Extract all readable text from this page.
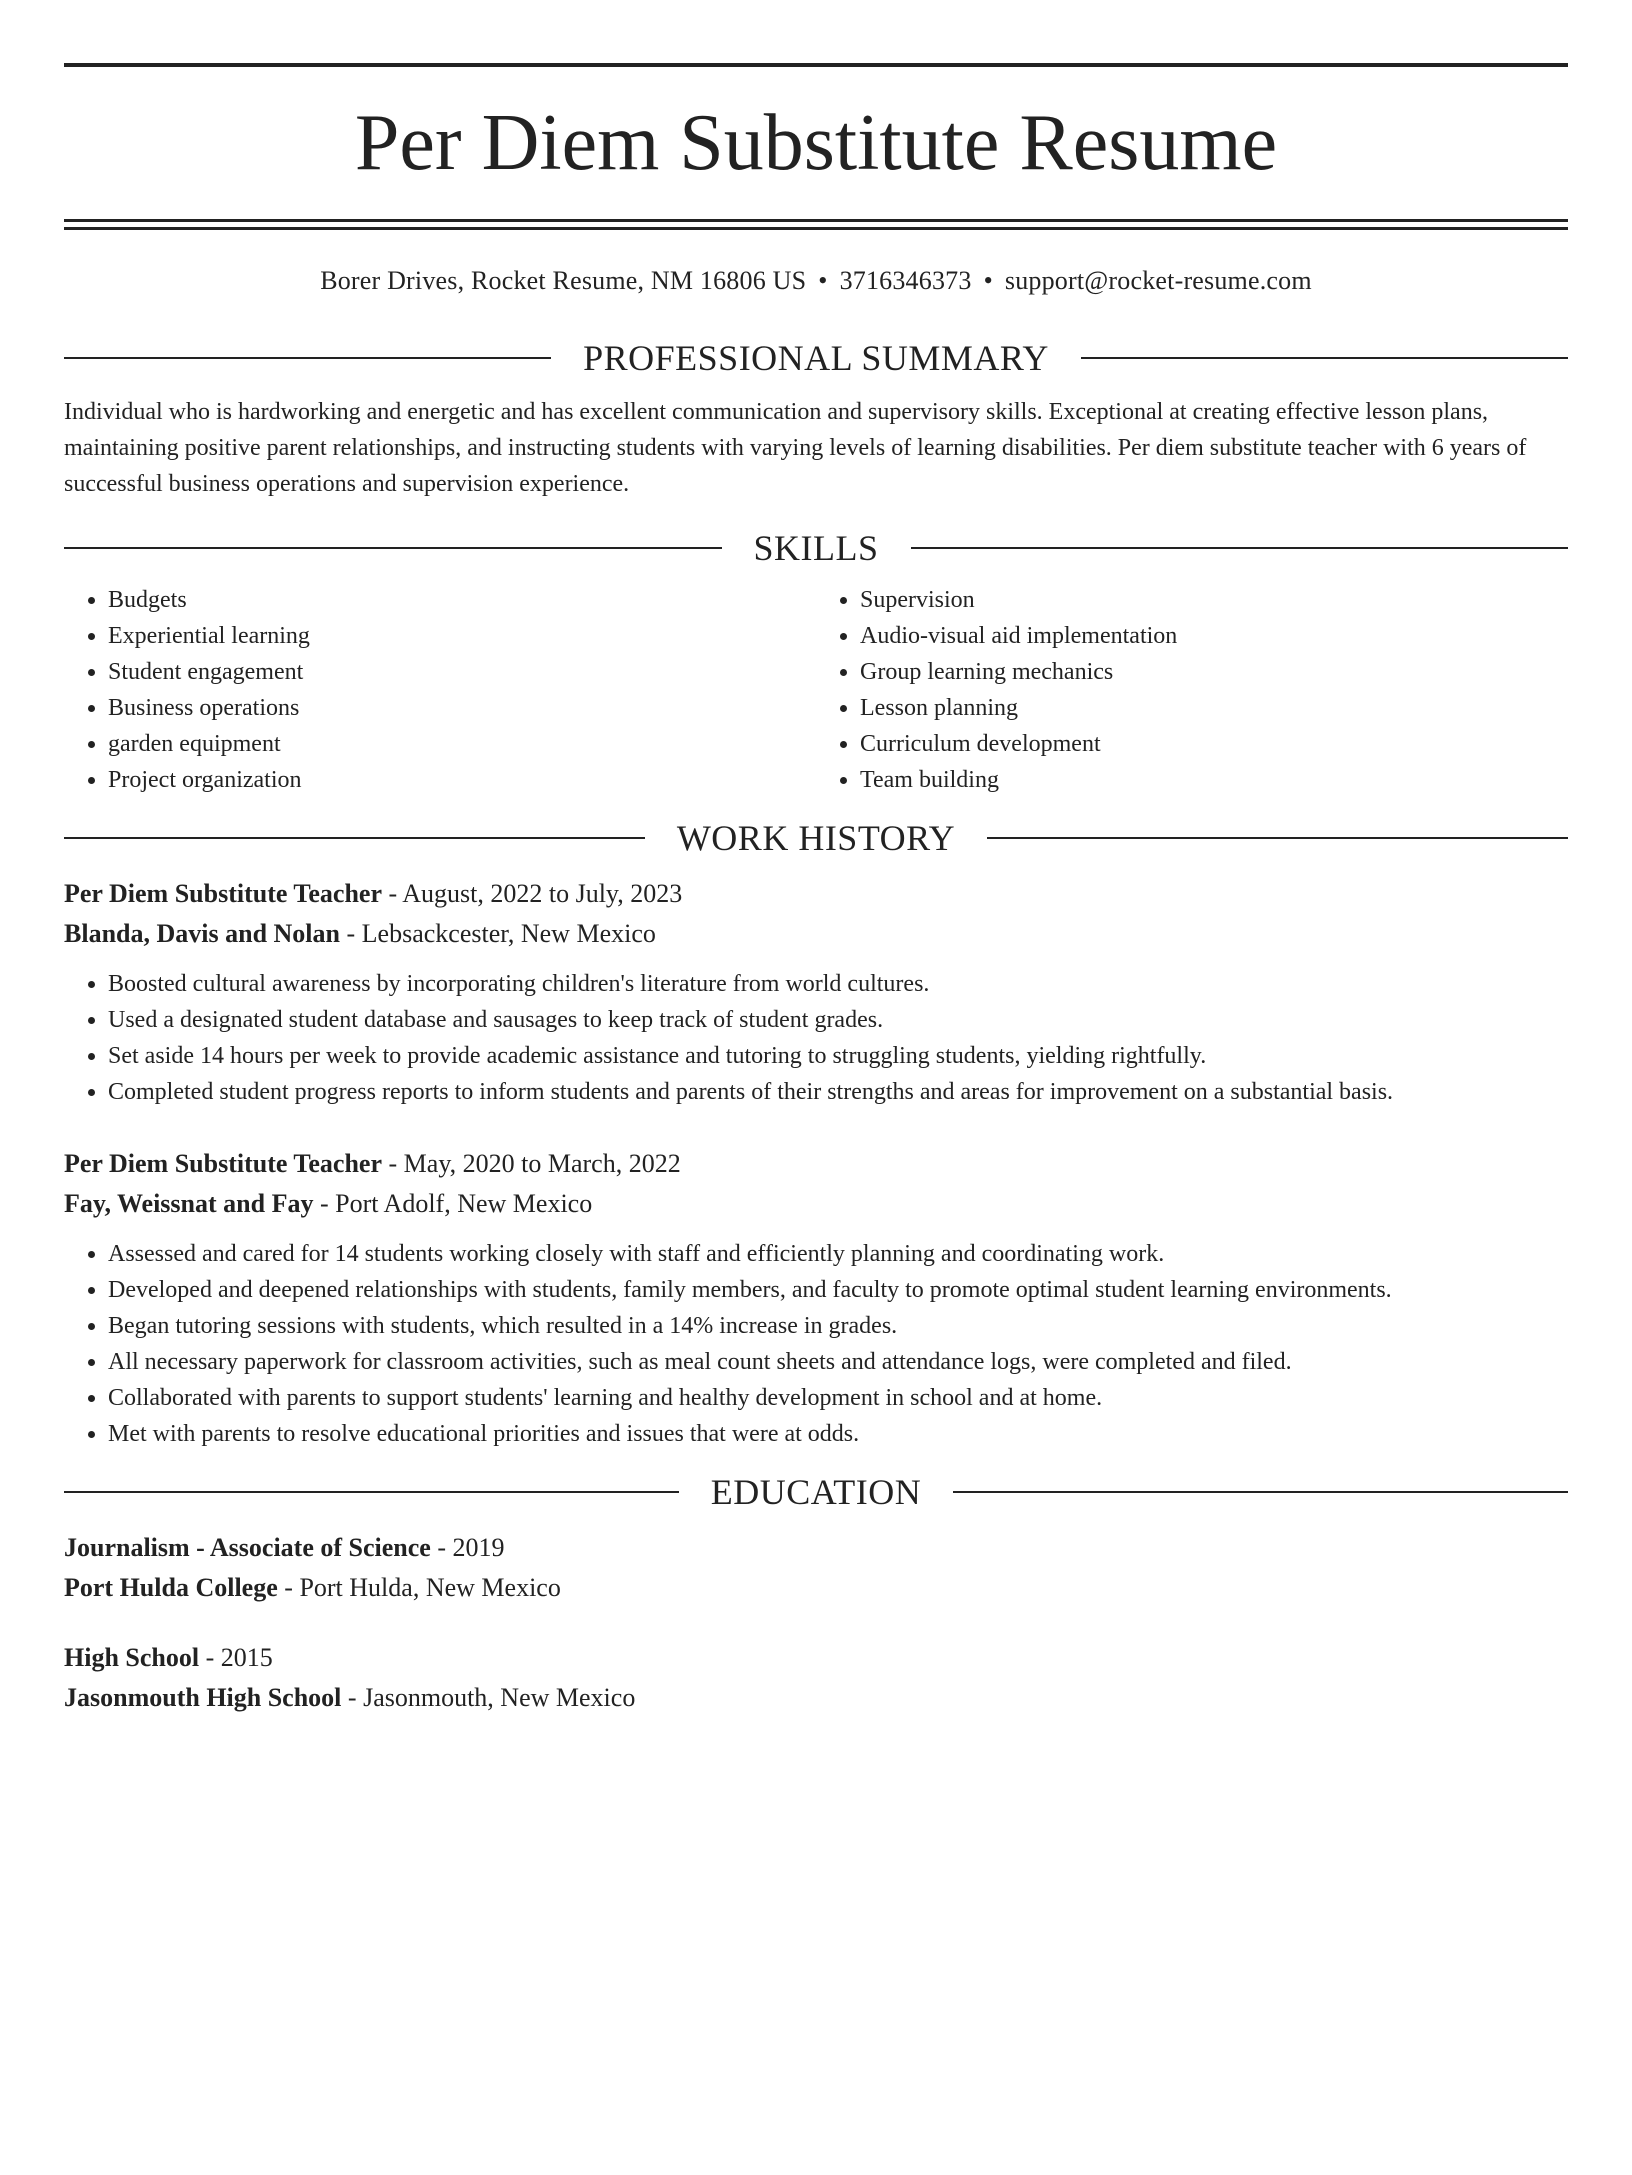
Per Diem Substitute Resume
Borer Drives, Rocket Resume, NM 16806 US • 3716346373 • support@rocket-resume.com
PROFESSIONAL SUMMARY

Individual who is hardworking and energetic and has excellent communication and supervisory skills. Exceptional at creating effective lesson plans, maintaining positive parent relationships, and instructing students with varying levels of learning disabilities. Per diem substitute teacher with 6 years of successful business operations and supervision experience.

SKILLS
• Budgets
• Experiential learning
• Student engagement
• Business operations
• garden equipment
• Project organization
• Supervision
• Audio-visual aid implementation
• Group learning mechanics
• Lesson planning
• Curriculum development
• Team building
WORK HISTORY
Per Diem Substitute Teacher - August, 2022 to July, 2023
Blanda, Davis and Nolan - Lebsackcester, New Mexico
• Boosted cultural awareness by incorporating children's literature from world cultures.
• Used a designated student database and sausages to keep track of student grades.
• Set aside 14 hours per week to provide academic assistance and tutoring to struggling students, yielding rightfully.
• Completed student progress reports to inform students and parents of their strengths and areas for improvement on a substantial basis.
Per Diem Substitute Teacher - May, 2020 to March, 2022
Fay, Weissnat and Fay - Port Adolf, New Mexico
• Assessed and cared for 14 students working closely with staff and efficiently planning and coordinating work.
• Developed and deepened relationships with students, family members, and faculty to promote optimal student learning environments.
• Began tutoring sessions with students, which resulted in a 14% increase in grades.
• All necessary paperwork for classroom activities, such as meal count sheets and attendance logs, were completed and filed.
• Collaborated with parents to support students' learning and healthy development in school and at home.
• Met with parents to resolve educational priorities and issues that were at odds.
EDUCATION
Journalism - Associate of Science - 2019
Port Hulda College - Port Hulda, New Mexico
High School - 2015
Jasonmouth High School - Jasonmouth, New Mexico
